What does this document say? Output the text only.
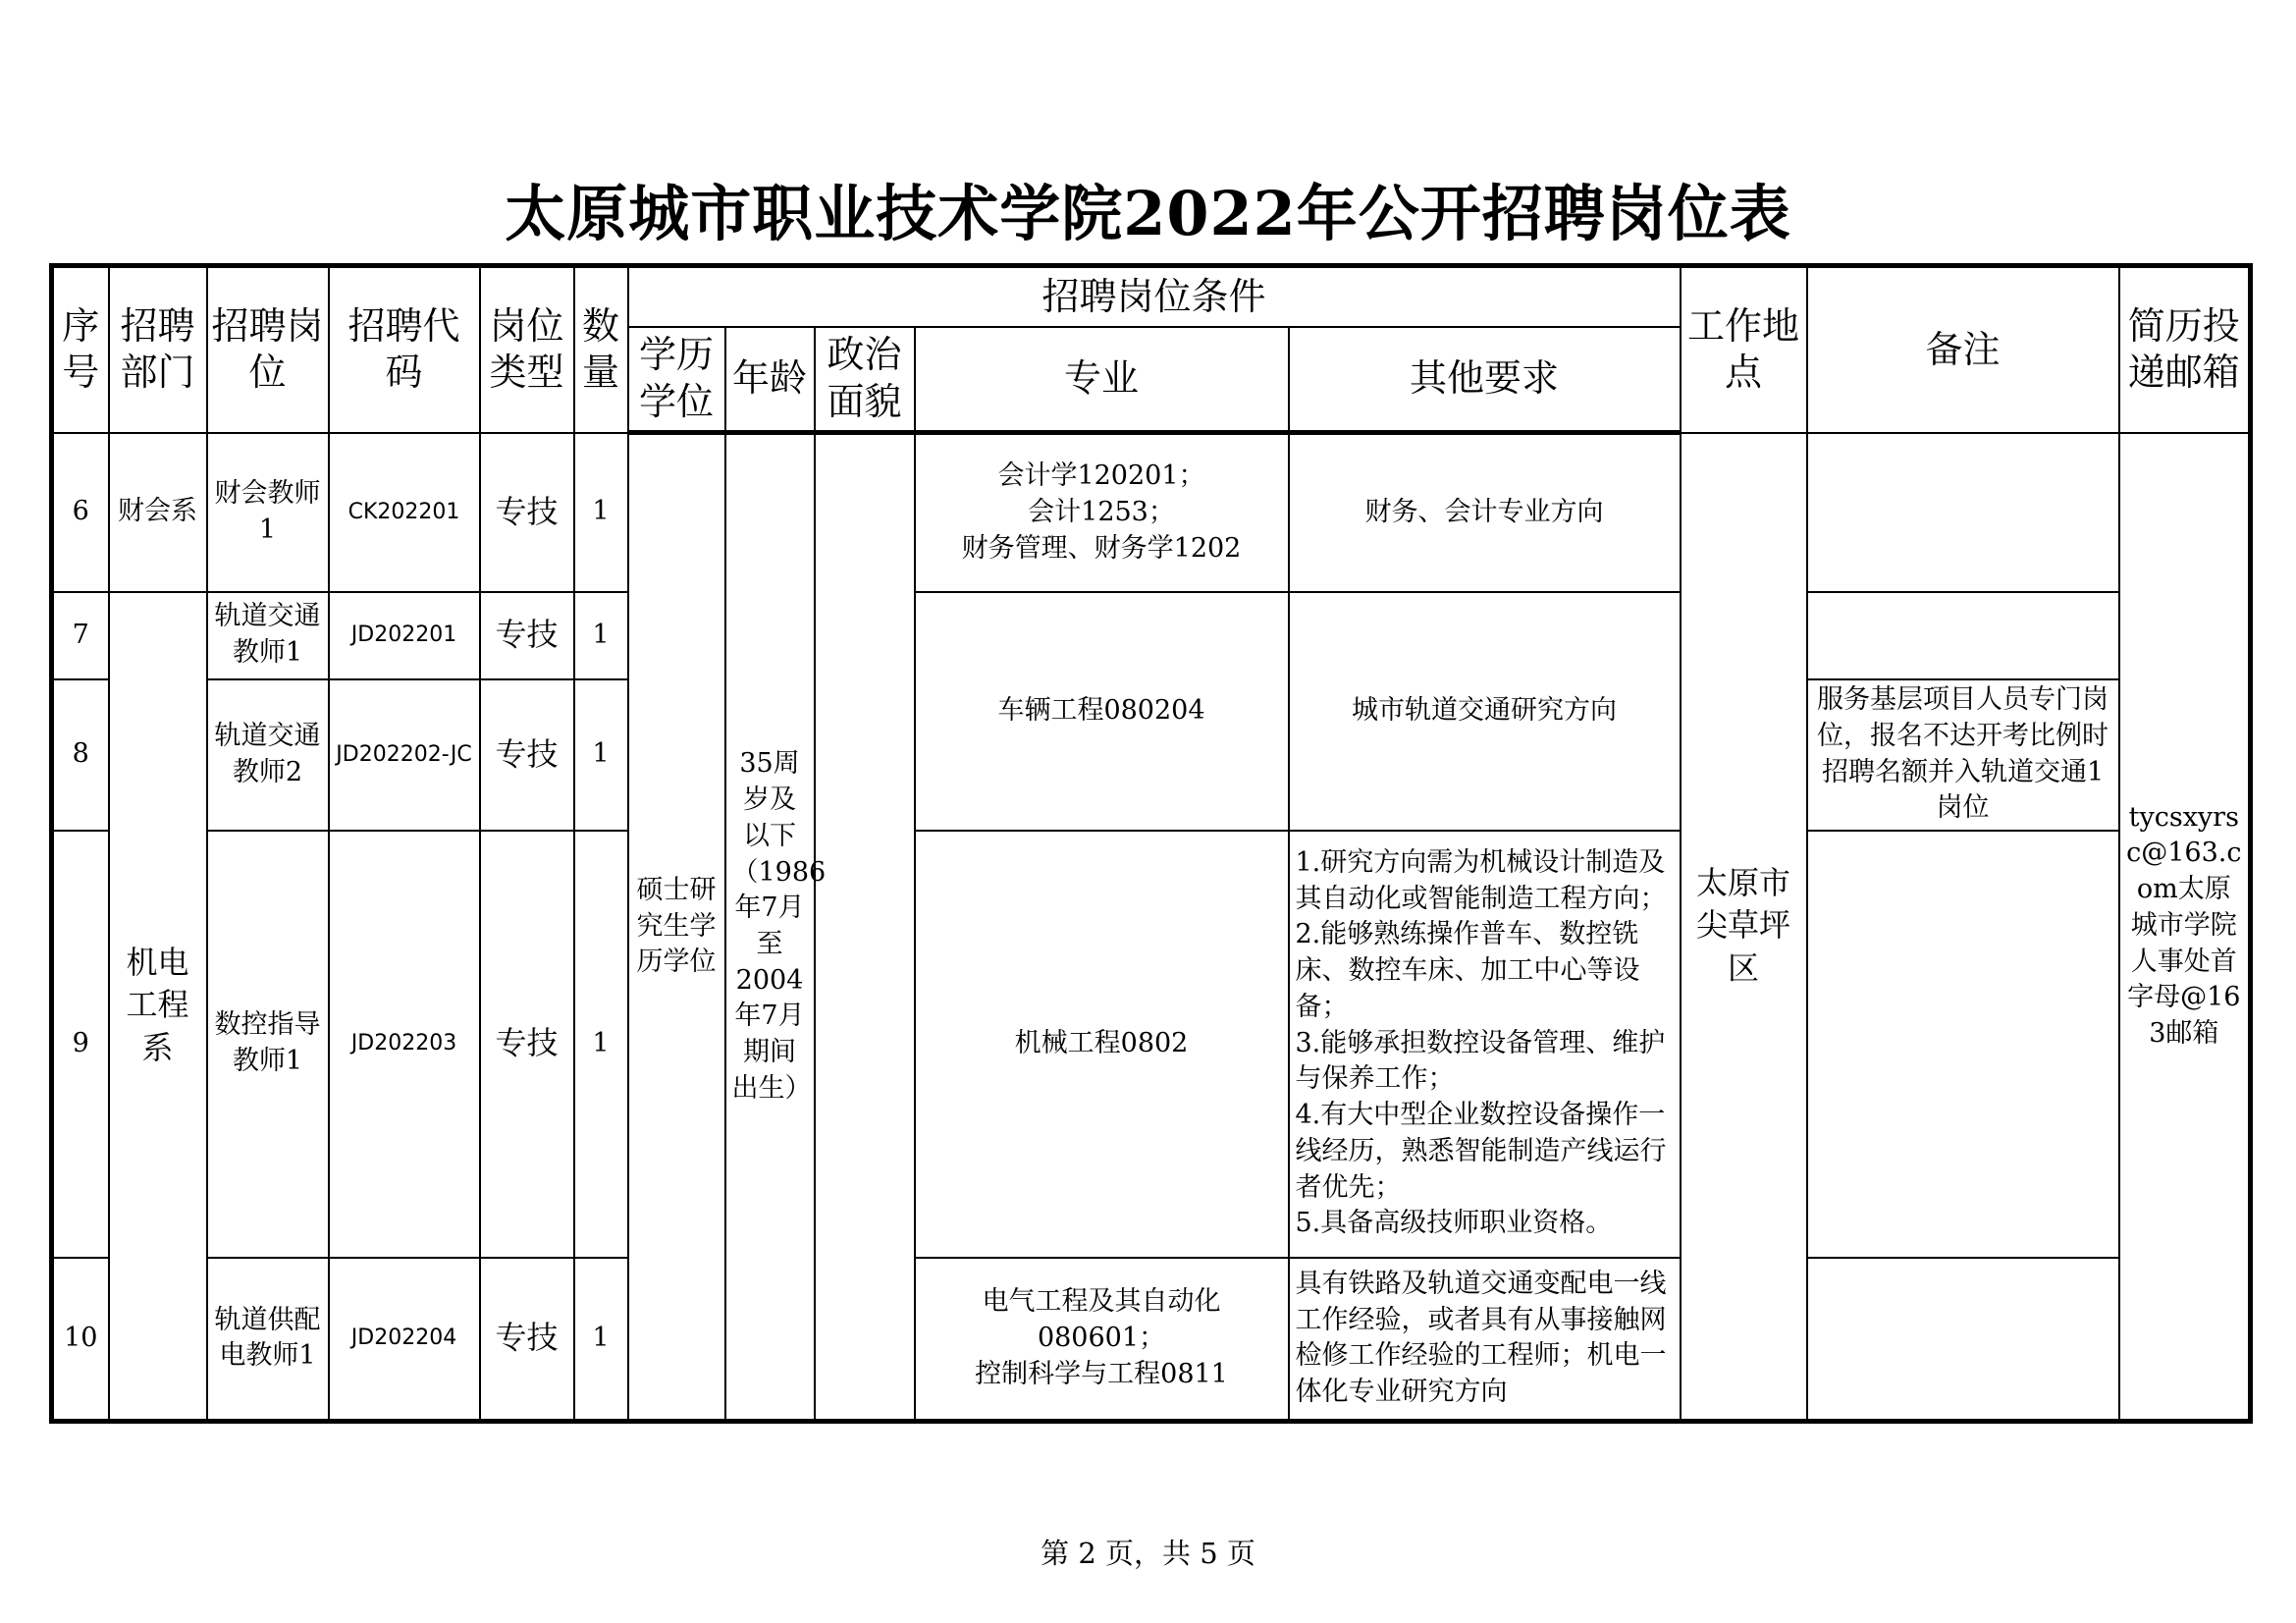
太原城市职业技术学院2022年公开招聘岗位表
序号	招聘部门	招聘岗位	招聘代码	岗位类型	数量	招聘岗位条件					工作地点	备注	简历投递邮箱
						学历学位	年龄	政治面貌	专业	其他要求			
6	财会系	财会教师1	CK202201	专技	1	硕士研究生学历学位	35周岁及以下（1986年7月至2004年7月期间出生）		会计学120201；
会计1253；
财务管理、财务学1202	财务、会计专业方向	太原市尖草坪区		tycsxyrsc@163.com太原城市学院人事处首字母@163邮箱
7	机电工程系	轨道交通教师1	JD202201	专技	1				车辆工程080204	城市轨道交通研究方向			
8		轨道交通教师2	JD202202-JC	专技	1							服务基层项目人员专门岗位，报名不达开考比例时招聘名额并入轨道交通1岗位	
9		数控指导教师1	JD202203	专技	1				机械工程0802	1.研究方向需为机械设计制造及其自动化或智能制造工程方向；
2.能够熟练操作普车、数控铣床、数控车床、加工中心等设备；
3.能够承担数控设备管理、维护与保养工作；
4.有大中型企业数控设备操作一线经历，熟悉智能制造产线运行者优先；
5.具备高级技师职业资格。			

10		轨道供配电教师1	JD202204	专技	1				电气工程及其自动化080601；
控制科学与工程0811	具有铁路及轨道交通变配电一线工作经验，或者具有从事接触网检修工作经验的工程师；机电一体化专业研究方向			
第 2 页，共 5 页
